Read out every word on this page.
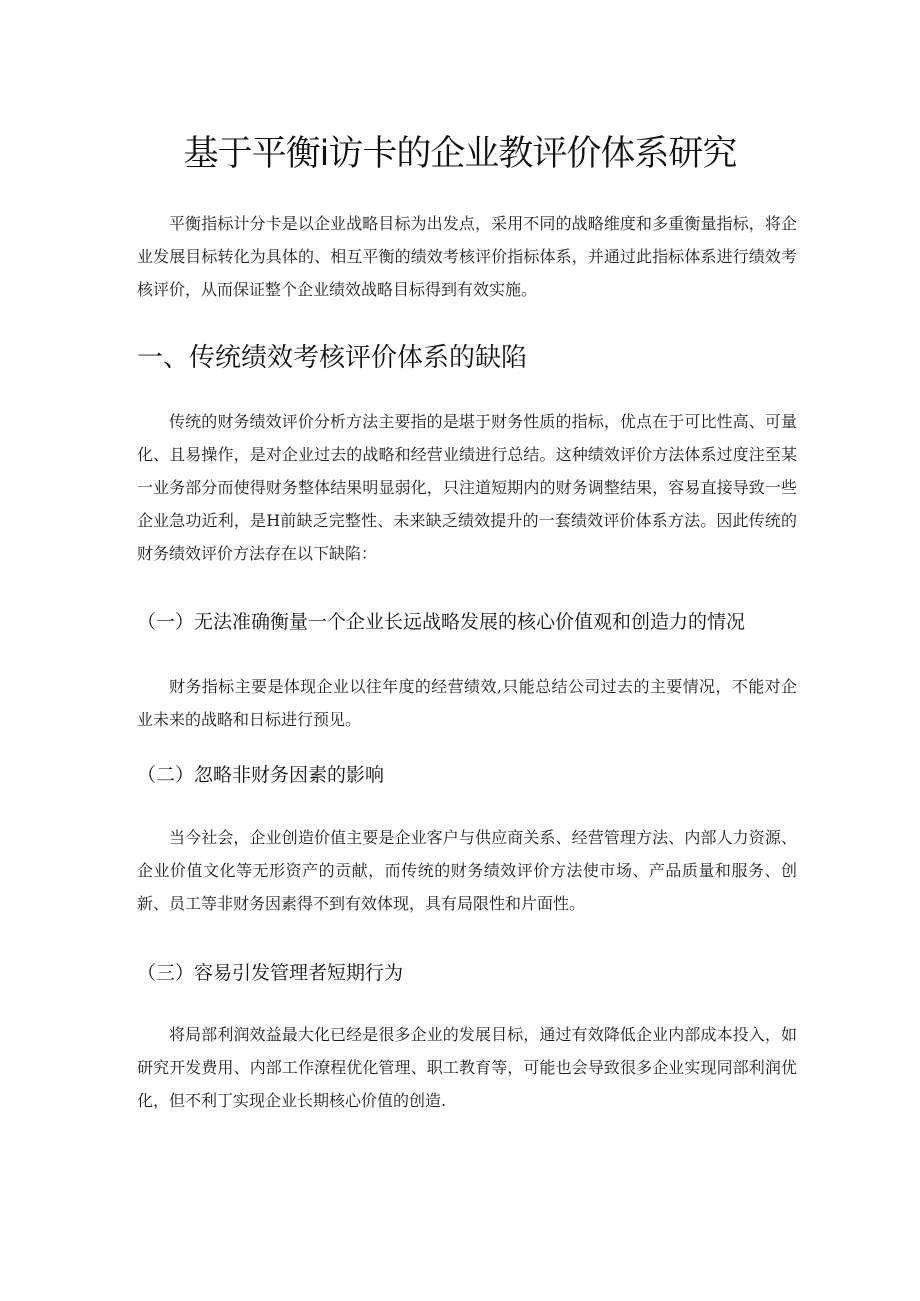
基于平衡i访卡的企业教评价体系研究

平衡指标计分卡是以企业战略目标为出发点，采用不同的战略维度和多重衡量指标，将企业发展目标转化为具体的、相互平衡的绩效考核评价指标体系，并通过此指标体系进行绩效考核评价，从而保证整个企业绩效战略目标得到有效实施。

一、传统绩效考核评价体系的缺陷

传统的财务绩效评价分析方法主要指的是堪于财务性质的指标，优点在于可比性高、可量化、且易操作，是对企业过去的战略和经营业绩进行总结。这种绩效评价方法体系过度注至某一业务部分而使得财务整体结果明显弱化，只注道短期内的财务调整结果，容易直接导致一些企业急功近利，是H前缺乏完整性、未来缺乏绩效提升的一套绩效评价体系方法。因此传统的财务绩效评价方法存在以下缺陷：

（一）无法准确衡量一个企业长远战略发展的核心价值观和创造力的情况

财务指标主要是体现企业以往年度的经营绩效,只能总结公司过去的主要情况，不能对企业未来的战略和日标进行预见。

（二）忽略非财务因素的影响

当今社会，企业创造价值主要是企业客户与供应商关系、经营管理方法、内部人力资源、企业价值文化等无形资产的贡献，而传统的财务绩效评价方法使市场、产品质量和服务、创新、员工等非财务因素得不到有效体现，具有局限性和片面性。

（三）容易引发管理者短期行为

将局部利润效益最大化已经是很多企业的发展目标，通过有效降低企业内部成本投入，如研究开发费用、内部工作潦程优化管理、职工教育等，可能也会导致很多企业实现同部利润优化，但不利丁实现企业长期核心价值的创造.
